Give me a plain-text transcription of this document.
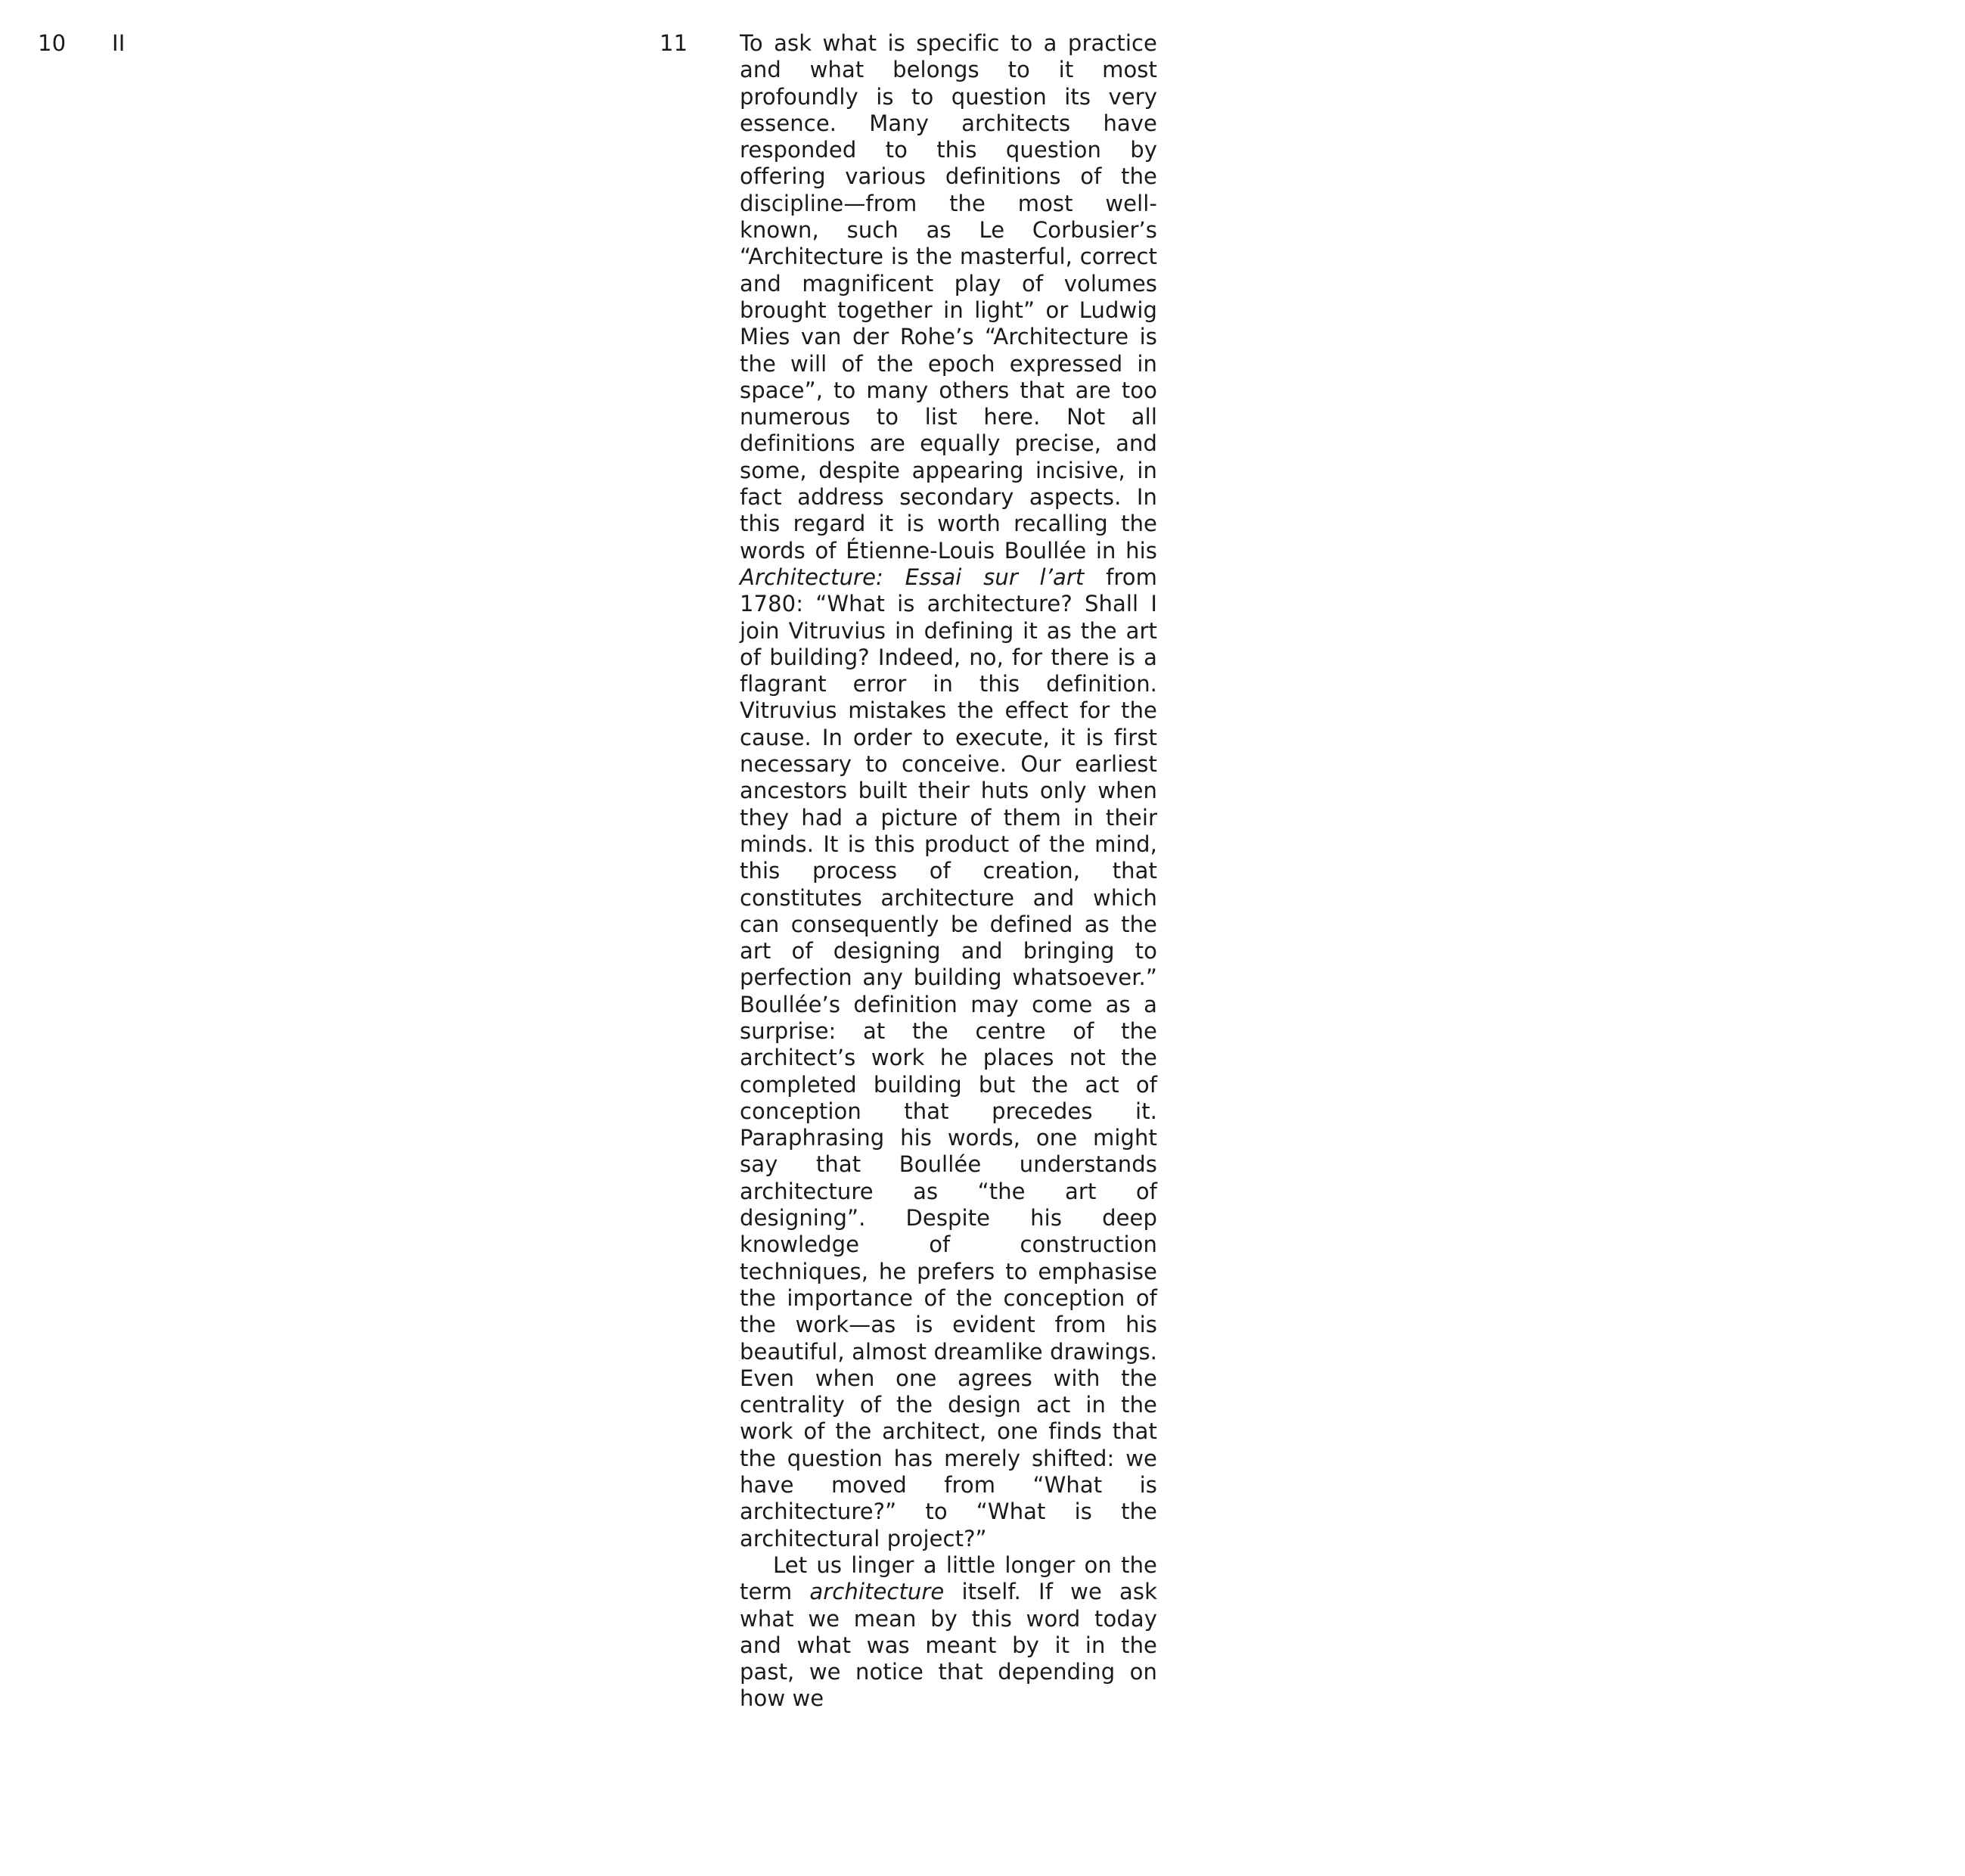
10 II	11 To ask what is specific to a practice and what belongs to it most profoundly is to question its very essence. Many architects have responded to this question by offering various definitions of the discipline—from the most well-known, such as Le Corbusier’s “Architecture is the masterful, correct and magnificent play of volumes brought together in light” or Ludwig Mies van der Rohe’s “Architecture is the will of the epoch expressed in space”, to many others that are too numerous to list here. Not all definitions are equally precise, and some, despite appearing incisive, in fact address secondary aspects. In this regard it is worth recalling the words of Étienne-Louis Boullée in his Architecture: Essai sur l’art from 1780: “What is architecture? Shall I join Vitruvius in defining it as the art of building? Indeed, no, for there is a flagrant error in this definition. Vitruvius mistakes the effect for the cause. In order to execute, it is first necessary to conceive. Our earliest ancestors built their huts only when they had a picture of them in their minds. It is this product of the mind, this process of creation, that constitutes architecture and which can consequently be defined as the art of designing and bringing to perfection any building whatsoever.” Boullée’s definition may come as a surprise: at the centre of the architect’s work he places not the completed building but the act of conception that precedes it. Paraphrasing his words, one might say that Boullée understands architecture as “the art of designing”. Despite his deep knowledge of construction techniques, he prefers to emphasise the importance of the conception of the work—as is evident from his beautiful, almost dreamlike drawings. Even when one agrees with the centrality of the design act in the work of the architect, one finds that the question has merely shifted: we have moved from “What is architecture?” to “What is the architectural project?”

Let us linger a little longer on the term architecture itself. If we ask what we mean by this word today and what was meant by it in the past, we notice that depending on how we
